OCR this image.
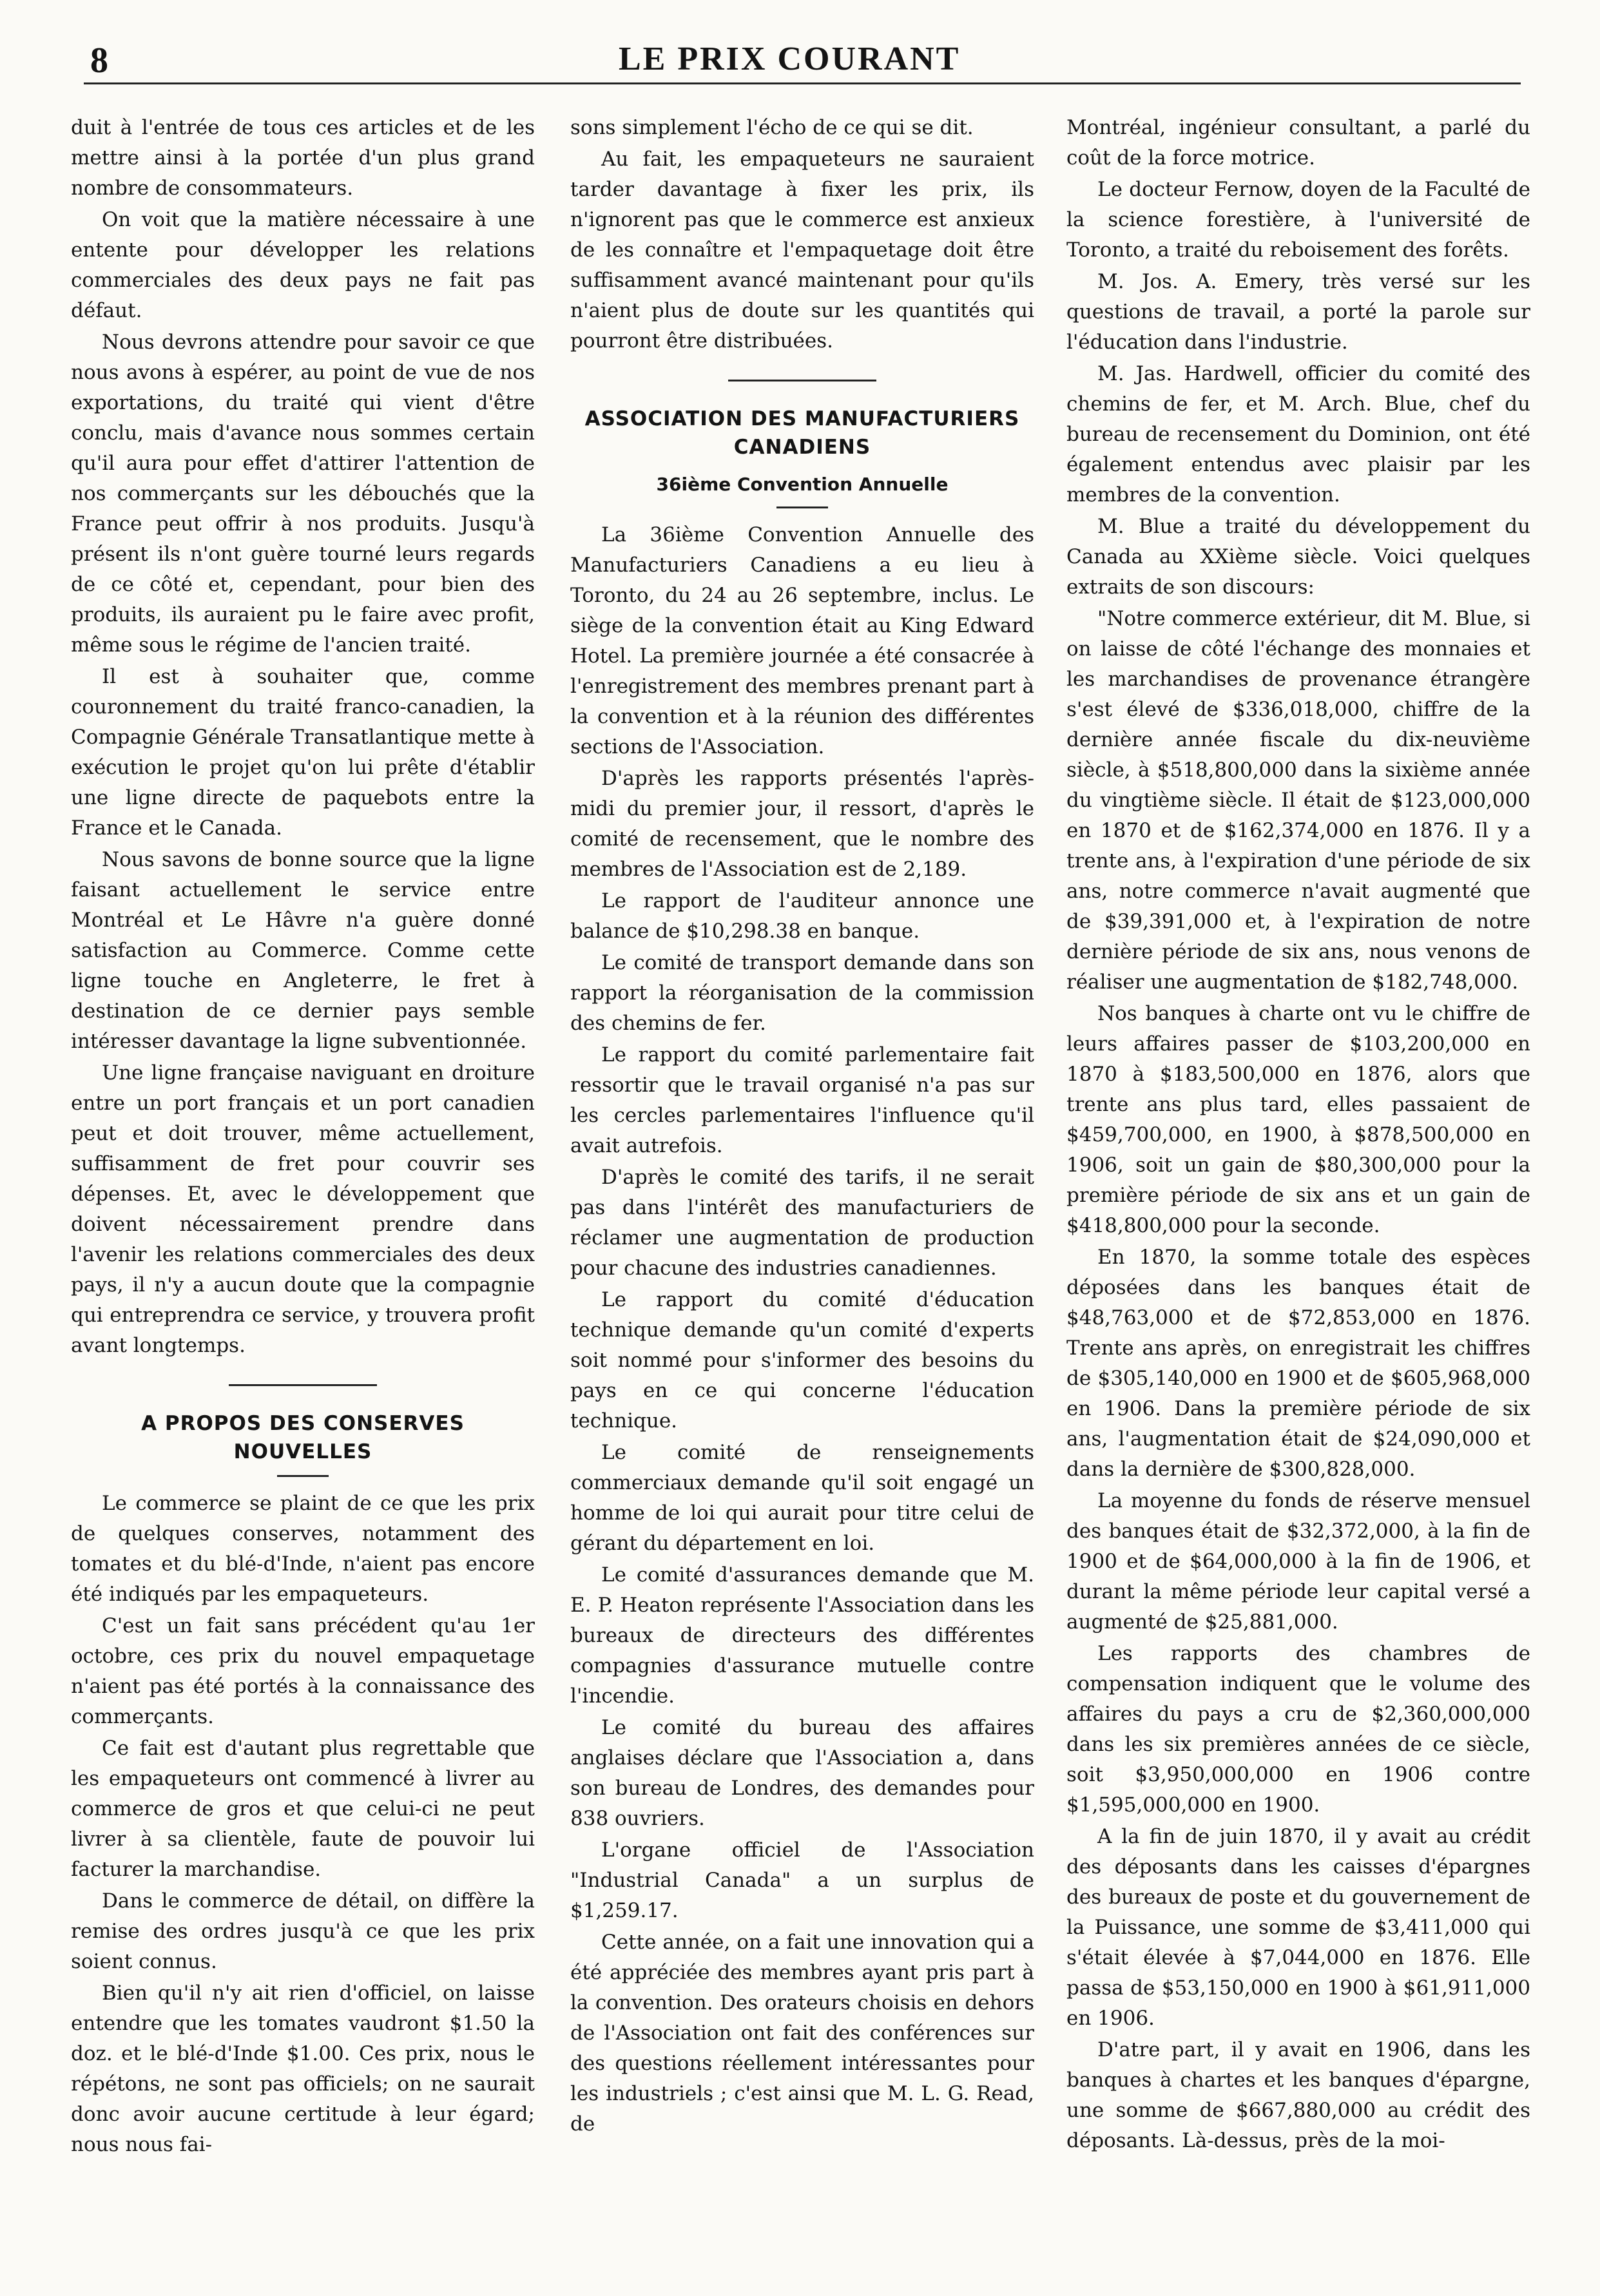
8	LE PRIX COURANT

duit à l'entrée de tous ces articles et de les mettre ainsi à la portée d'un plus grand nombre de consommateurs.

On voit que la matière nécessaire à une entente pour développer les relations commerciales des deux pays ne fait pas défaut.

Nous devrons attendre pour savoir ce que nous avons à espérer, au point de vue de nos exportations, du traité qui vient d'être conclu, mais d'avance nous sommes certain qu'il aura pour effet d'attirer l'attention de nos commerçants sur les débouchés que la France peut offrir à nos produits. Jusqu'à présent ils n'ont guère tourné leurs regards de ce côté et, cependant, pour bien des produits, ils auraient pu le faire avec profit, même sous le régime de l'ancien traité.

Il est à souhaiter que, comme couronnement du traité franco-canadien, la Compagnie Générale Transatlantique mette à exécution le projet qu'on lui prête d'établir une ligne directe de paquebots entre la France et le Canada.

Nous savons de bonne source que la ligne faisant actuellement le service entre Montréal et Le Hâvre n'a guère donné satisfaction au Commerce. Comme cette ligne touche en Angleterre, le fret à destination de ce dernier pays semble intéresser davantage la ligne subventionnée.

Une ligne française naviguant en droiture entre un port français et un port canadien peut et doit trouver, même actuellement, suffisamment de fret pour couvrir ses dépenses. Et, avec le développement que doivent nécessairement prendre dans l'avenir les relations commerciales des deux pays, il n'y a aucun doute que la compagnie qui entreprendra ce service, y trouvera profit avant longtemps.

A PROPOS DES CONSERVES NOUVELLES

Le commerce se plaint de ce que les prix de quelques conserves, notamment des tomates et du blé-d'Inde, n'aient pas encore été indiqués par les empaqueteurs.

C'est un fait sans précédent qu'au 1er octobre, ces prix du nouvel empaquetage n'aient pas été portés à la connaissance des commerçants.

Ce fait est d'autant plus regrettable que les empaqueteurs ont commencé à livrer au commerce de gros et que celui-ci ne peut livrer à sa clientèle, faute de pouvoir lui facturer la marchandise.

Dans le commerce de détail, on diffère la remise des ordres jusqu'à ce que les prix soient connus.

Bien qu'il n'y ait rien d'officiel, on laisse entendre que les tomates vaudront $1.50 la doz. et le blé-d'Inde $1.00. Ces prix, nous le répétons, ne sont pas officiels; on ne saurait donc avoir aucune certitude à leur égard; nous nous fai-

sons simplement l'écho de ce qui se dit.

Au fait, les empaqueteurs ne sauraient tarder davantage à fixer les prix, ils n'ignorent pas que le commerce est anxieux de les connaître et l'empaquetage doit être suffisamment avancé maintenant pour qu'ils n'aient plus de doute sur les quantités qui pourront être distribuées.

ASSOCIATION DES MANUFACTURIERS CANADIENS
36ième Convention Annuelle

La 36ième Convention Annuelle des Manufacturiers Canadiens a eu lieu à Toronto, du 24 au 26 septembre, inclus. Le siège de la convention était au King Edward Hotel. La première journée a été consacrée à l'enregistrement des membres prenant part à la convention et à la réunion des différentes sections de l'Association.

D'après les rapports présentés l'après-midi du premier jour, il ressort, d'après le comité de recensement, que le nombre des membres de l'Association est de 2,189.

Le rapport de l'auditeur annonce une balance de $10,298.38 en banque.

Le comité de transport demande dans son rapport la réorganisation de la commission des chemins de fer.

Le rapport du comité parlementaire fait ressortir que le travail organisé n'a pas sur les cercles parlementaires l'influence qu'il avait autrefois.

D'après le comité des tarifs, il ne serait pas dans l'intérêt des manufacturiers de réclamer une augmentation de production pour chacune des industries canadiennes.

Le rapport du comité d'éducation technique demande qu'un comité d'experts soit nommé pour s'informer des besoins du pays en ce qui concerne l'éducation technique.

Le comité de renseignements commerciaux demande qu'il soit engagé un homme de loi qui aurait pour titre celui de gérant du département en loi.

Le comité d'assurances demande que M. E. P. Heaton représente l'Association dans les bureaux de directeurs des différentes compagnies d'assurance mutuelle contre l'incendie.

Le comité du bureau des affaires anglaises déclare que l'Association a, dans son bureau de Londres, des demandes pour 838 ouvriers.

L'organe officiel de l'Association "Industrial Canada" a un surplus de $1,259.17.

Cette année, on a fait une innovation qui a été appréciée des membres ayant pris part à la convention. Des orateurs choisis en dehors de l'Association ont fait des conférences sur des questions réellement intéressantes pour les industriels ; c'est ainsi que M. L. G. Read, de

Montréal, ingénieur consultant, a parlé du coût de la force motrice.

Le docteur Fernow, doyen de la Faculté de la science forestière, à l'université de Toronto, a traité du reboisement des forêts.

M. Jos. A. Emery, très versé sur les questions de travail, a porté la parole sur l'éducation dans l'industrie.

M. Jas. Hardwell, officier du comité des chemins de fer, et M. Arch. Blue, chef du bureau de recensement du Dominion, ont été également entendus avec plaisir par les membres de la convention.

M. Blue a traité du développement du Canada au XXième siècle. Voici quelques extraits de son discours:

"Notre commerce extérieur, dit M. Blue, si on laisse de côté l'échange des monnaies et les marchandises de provenance étrangère s'est élevé de $336,018,000, chiffre de la dernière année fiscale du dix-neuvième siècle, à $518,800,000 dans la sixième année du vingtième siècle. Il était de $123,000,000 en 1870 et de $162,374,000 en 1876. Il y a trente ans, à l'expiration d'une période de six ans, notre commerce n'avait augmenté que de $39,391,000 et, à l'expiration de notre dernière période de six ans, nous venons de réaliser une augmentation de $182,748,000.

Nos banques à charte ont vu le chiffre de leurs affaires passer de $103,200,000 en 1870 à $183,500,000 en 1876, alors que trente ans plus tard, elles passaient de $459,700,000, en 1900, à $878,500,000 en 1906, soit un gain de $80,300,000 pour la première période de six ans et un gain de $418,800,000 pour la seconde.

En 1870, la somme totale des espèces déposées dans les banques était de $48,763,000 et de $72,853,000 en 1876. Trente ans après, on enregistrait les chiffres de $305,140,000 en 1900 et de $605,968,000 en 1906. Dans la première période de six ans, l'augmentation était de $24,090,000 et dans la dernière de $300,828,000.

La moyenne du fonds de réserve mensuel des banques était de $32,372,000, à la fin de 1900 et de $64,000,000 à la fin de 1906, et durant la même période leur capital versé a augmenté de $25,881,000.

Les rapports des chambres de compensation indiquent que le volume des affaires du pays a cru de $2,360,000,000 dans les six premières années de ce siècle, soit $3,950,000,000 en 1906 contre $1,595,000,000 en 1900.

A la fin de juin 1870, il y avait au crédit des déposants dans les caisses d'épargnes des bureaux de poste et du gouvernement de la Puissance, une somme de $3,411,000 qui s'était élevée à $7,044,000 en 1876. Elle passa de $53,150,000 en 1900 à $61,911,000 en 1906.

D'atre part, il y avait en 1906, dans les banques à chartes et les banques d'épargne, une somme de $667,880,000 au crédit des déposants. Là-dessus, près de la moi-
